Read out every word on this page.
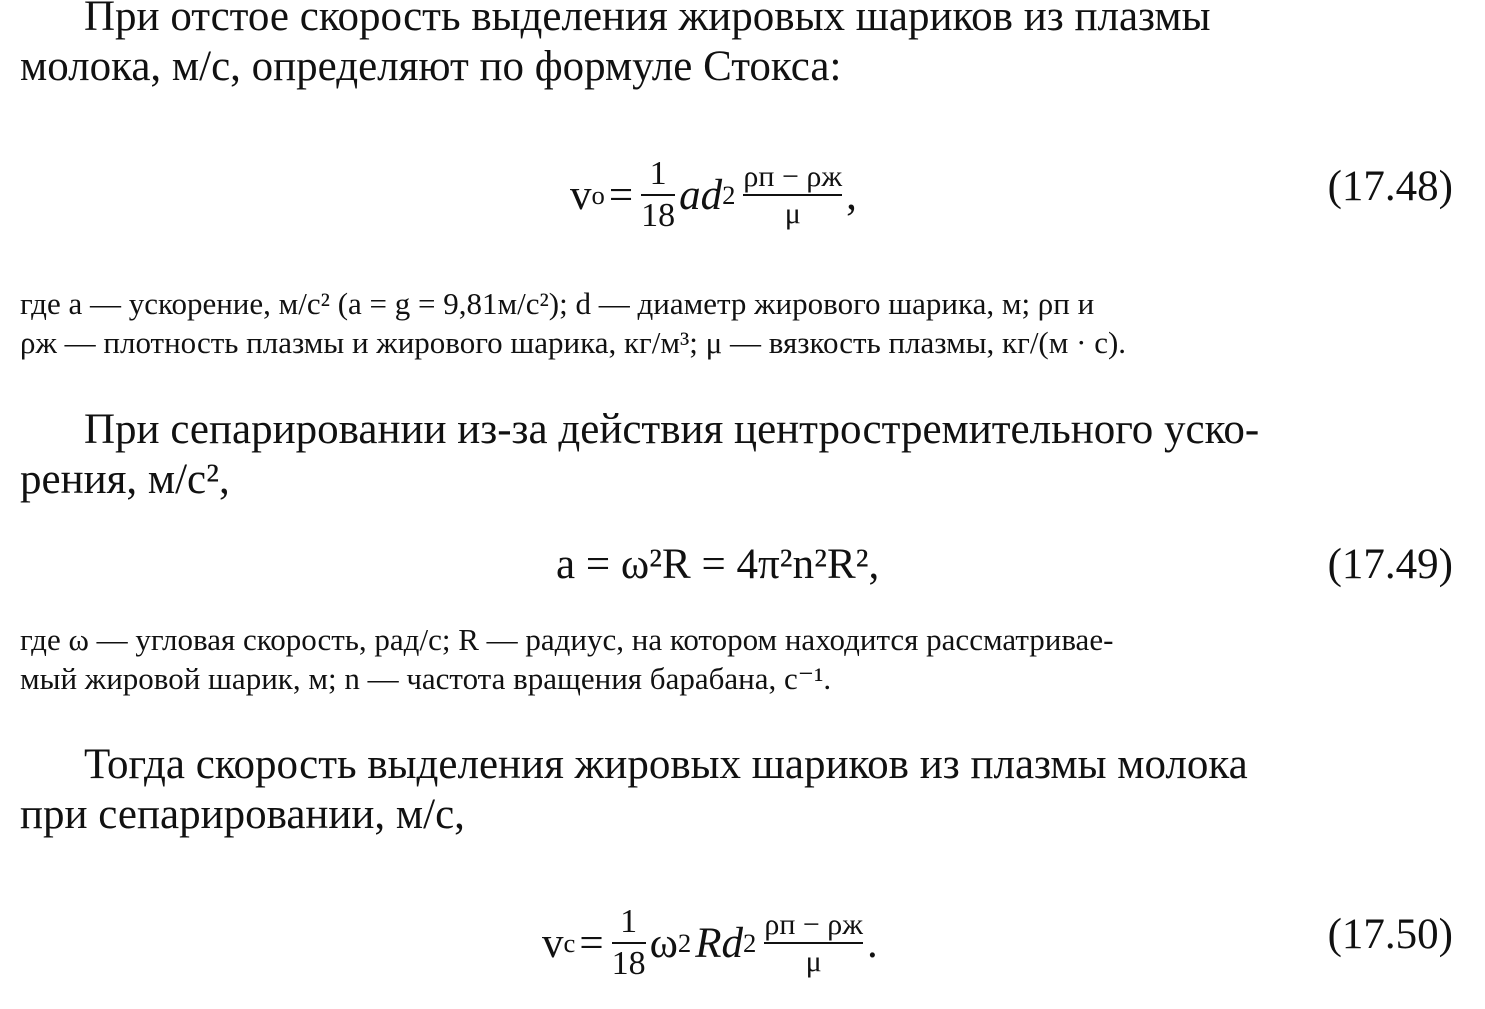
При отстое скорость выделения жировых шариков из плазмы
молока, м/с, определяют по формуле Стокса:
v $о = \frac{1}{18}$ ad $2 \frac{\rho п - \rho ж}{\mu}$ ,	(17.48)
где a — ускорение, м/с² (a = g = 9,81м/с²); d — диаметр жирового шарика, м; ρп и
ρж — плотность плазмы и жирового шарика, кг/м³; μ — вязкость плазмы, кг/(м · с).
При сепарировании из-за действия центростремительного уско-
рения, м/с²,
a = ω²R = 4π²n²R²,	(17.49)
где ω — угловая скорость, рад/с; R — радиус, на котором находится рассматривае-
мый жировой шарик, м; n — частота вращения барабана, с⁻¹.
Тогда скорость выделения жировых шариков из плазмы молока
при сепарировании, м/с,
v $с = \frac{1}{18}$ ω 2 Rd $2 \frac{\rho п - \rho ж}{\mu}$ .	(17.50)
